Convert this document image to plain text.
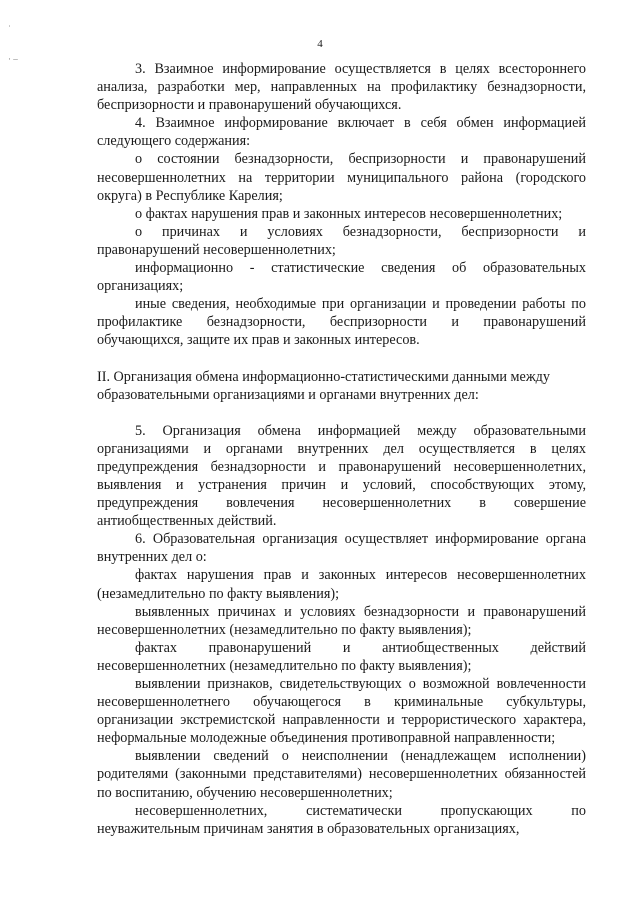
˙
· –
4

3. Взаимное информирование осуществляется в целях всестороннего анализа, разработки мер, направленных на профилактику безнадзорности, беспризорности и правонарушений обучающихся.

4. Взаимное информирование включает в себя обмен информацией следующего содержания:

о состоянии безнадзорности, беспризорности и правонарушений несовершеннолетних на территории муниципального района (городского округа) в Республике Карелия;

о фактах нарушения прав и законных интересов несовершеннолетних;

о причинах и условиях безнадзорности, беспризорности и правонарушений несовершеннолетних;

информационно - статистические сведения об образовательных организациях;

иные сведения, необходимые при организации и проведении работы по профилактике безнадзорности, беспризорности и правонарушений обучающихся, защите их прав и законных интересов.

II. Организация обмена информационно-статистическими данными между образовательными организациями и органами внутренних дел:

5. Организация обмена информацией между образовательными организациями и органами внутренних дел осуществляется в целях предупреждения безнадзорности и правонарушений несовершеннолетних, выявления и устранения причин и условий, способствующих этому, предупреждения вовлечения несовершеннолетних в совершение антиобщественных действий.

6. Образовательная организация осуществляет информирование органа внутренних дел о:

фактах нарушения прав и законных интересов несовершеннолетних (незамедлительно по факту выявления);

выявленных причинах и условиях безнадзорности и правонарушений несовершеннолетних (незамедлительно по факту выявления);

фактах правонарушений и антиобщественных действий несовершеннолетних (незамедлительно по факту выявления);

выявлении признаков, свидетельствующих о возможной вовлеченности несовершеннолетнего обучающегося в криминальные субкультуры, организации экстремистской направленности и террористического характера, неформальные молодежные объединения противоправной направленности;

выявлении сведений о неисполнении (ненадлежащем исполнении) родителями (законными представителями) несовершеннолетних обязанностей по воспитанию, обучению несовершеннолетних;

несовершеннолетних, систематически пропускающих по неуважительным причинам занятия в образовательных организациях,
